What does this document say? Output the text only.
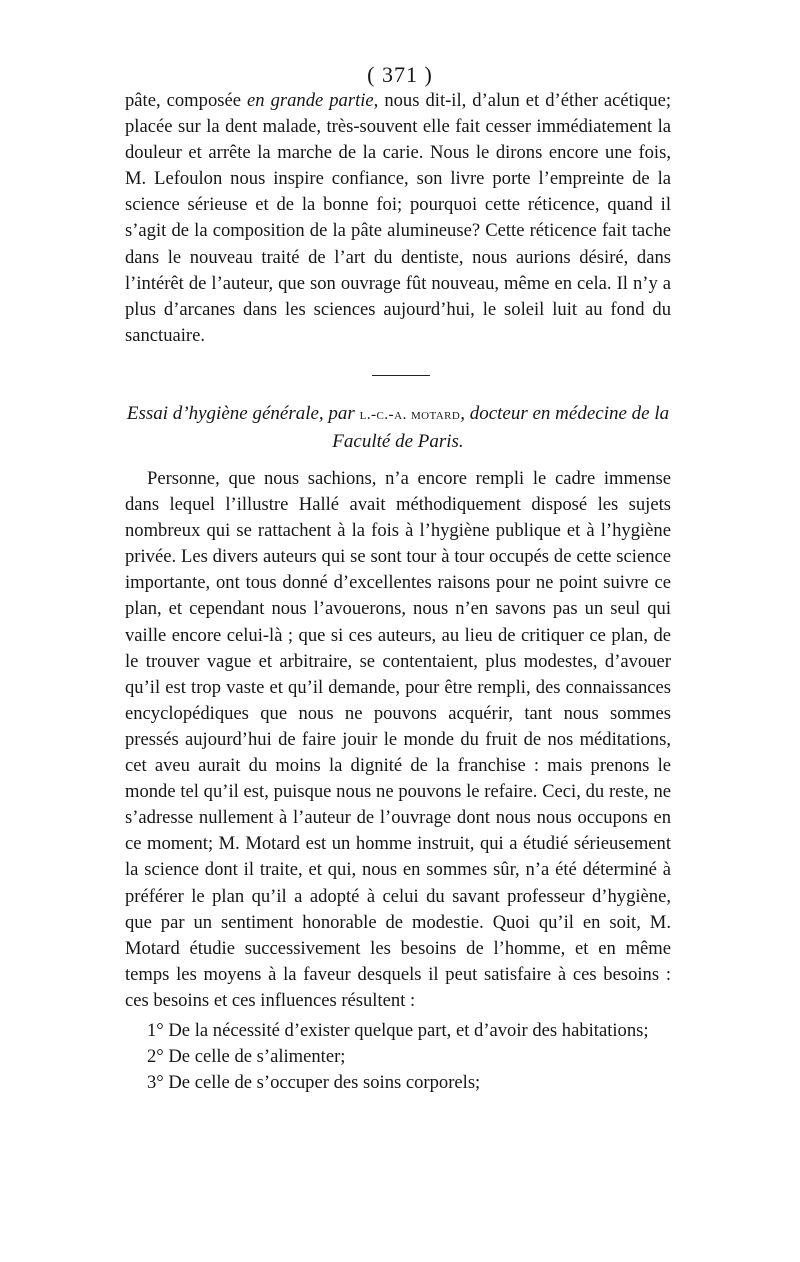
( 371 )

pâte, composée en grande partie, nous dit-il, d’alun et d’éther acétique; placée sur la dent malade, très-souvent elle fait cesser immédiatement la douleur et arrête la marche de la carie. Nous le dirons encore une fois, M. Lefoulon nous inspire confiance, son livre porte l’empreinte de la science sérieuse et de la bonne foi; pourquoi cette réticence, quand il s’agit de la composition de la pâte alumineuse? Cette réticence fait tache dans le nouveau traité de l’art du dentiste, nous aurions désiré, dans l’intérêt de l’auteur, que son ouvrage fût nouveau, même en cela. Il n’y a plus d’arcanes dans les sciences aujourd’hui, le soleil luit au fond du sanctuaire.

Essai d’hygiène générale, par l.-c.-a. motard, docteur en médecine de la Faculté de Paris.

Personne, que nous sachions, n’a encore rempli le cadre immense dans lequel l’illustre Hallé avait méthodiquement disposé les sujets nombreux qui se rattachent à la fois à l’hygiène publique et à l’hygiène privée. Les divers auteurs qui se sont tour à tour occupés de cette science importante, ont tous donné d’excellentes raisons pour ne point suivre ce plan, et cependant nous l’avouerons, nous n’en savons pas un seul qui vaille encore celui-là ; que si ces auteurs, au lieu de critiquer ce plan, de le trouver vague et arbitraire, se contentaient, plus modestes, d’avouer qu’il est trop vaste et qu’il demande, pour être rempli, des connaissances encyclopédiques que nous ne pouvons acquérir, tant nous sommes pressés aujourd’hui de faire jouir le monde du fruit de nos méditations, cet aveu aurait du moins la dignité de la franchise : mais prenons le monde tel qu’il est, puisque nous ne pouvons le refaire. Ceci, du reste, ne s’adresse nullement à l’auteur de l’ouvrage dont nous nous occupons en ce moment; M. Motard est un homme instruit, qui a étudié sérieusement la science dont il traite, et qui, nous en sommes sûr, n’a été déterminé à préférer le plan qu’il a adopté à celui du savant professeur d’hygiène, que par un sentiment honorable de modestie. Quoi qu’il en soit, M. Motard étudie successivement les besoins de l’homme, et en même temps les moyens à la faveur desquels il peut satisfaire à ces besoins : ces besoins et ces influences résultent :

1° De la nécessité d’exister quelque part, et d’avoir des habitations;

2° De celle de s’alimenter;

3° De celle de s’occuper des soins corporels;
